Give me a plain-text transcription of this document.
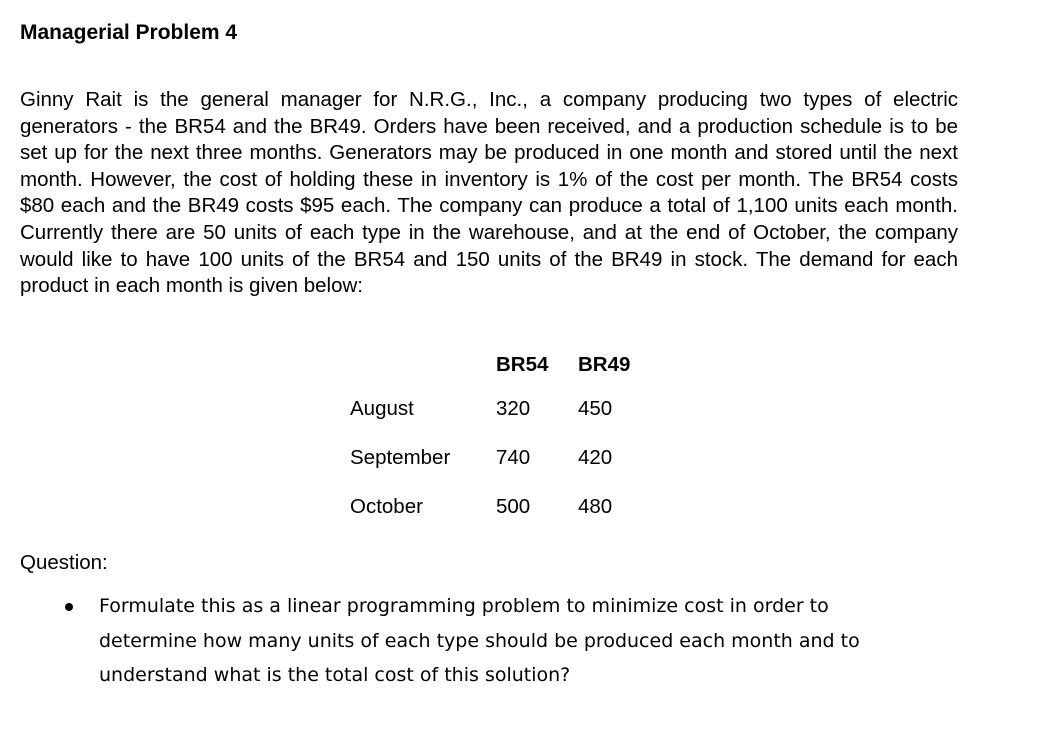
Managerial Problem 4

Ginny Rait is the general manager for N.R.G., Inc., a company producing two types of electric generators - the BR54 and the BR49. Orders have been received, and a production schedule is to be set up for the next three months. Generators may be produced in one month and stored until the next month. However, the cost of holding these in inventory is 1% of the cost per month. The BR54 costs $80 each and the BR49 costs $95 each. The company can produce a total of 1,100 units each month. Currently there are 50 units of each type in the warehouse, and at the end of October, the company would like to have 100 units of the BR54 and 150 units of the BR49 in stock. The demand for each product in each month is given below:

	BR54	BR49
August	320	450
September	740	420
October	500	480

Question:

Formulate this as a linear programming problem to minimize cost in order to determine how many units of each type should be produced each month and to understand what is the total cost of this solution?
